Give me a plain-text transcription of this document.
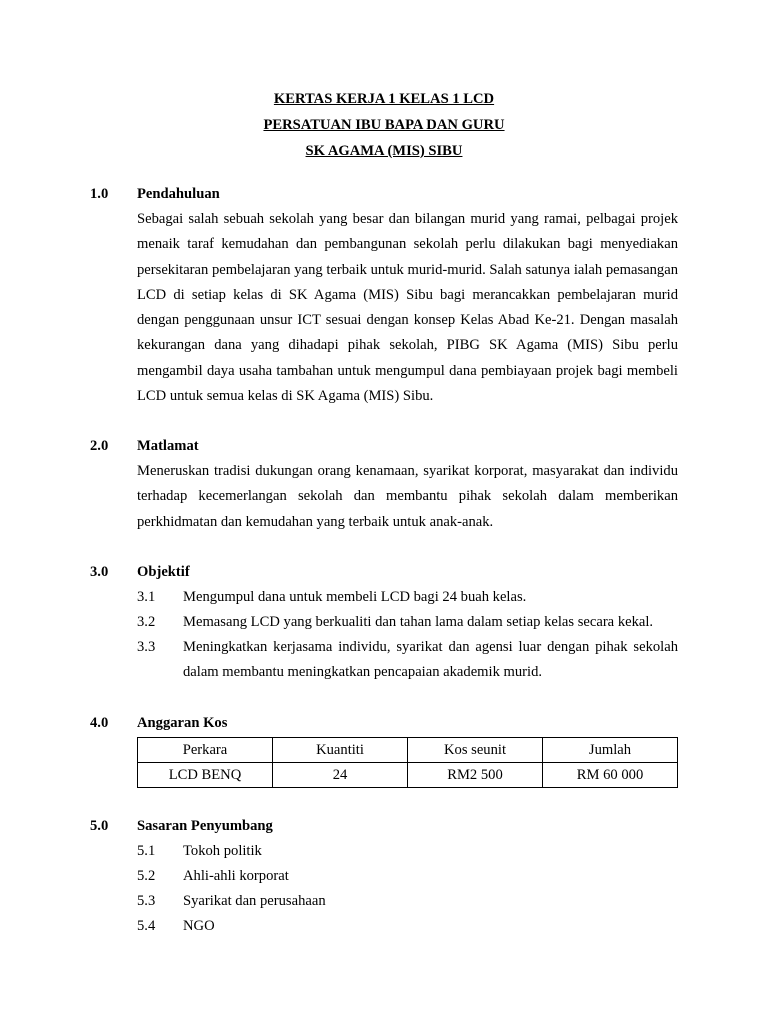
KERTAS KERJA 1 KELAS 1 LCD
PERSATUAN IBU BAPA DAN GURU
SK AGAMA (MIS) SIBU
1.0 Pendahuluan
Sebagai salah sebuah sekolah yang besar dan bilangan murid yang ramai, pelbagai projek menaik taraf kemudahan dan pembangunan sekolah perlu dilakukan bagi menyediakan persekitaran pembelajaran yang terbaik untuk murid-murid. Salah satunya ialah pemasangan LCD di setiap kelas di SK Agama (MIS) Sibu bagi merancakkan pembelajaran murid dengan penggunaan unsur ICT sesuai dengan konsep Kelas Abad Ke-21. Dengan masalah kekurangan dana yang dihadapi pihak sekolah, PIBG SK Agama (MIS) Sibu perlu mengambil daya usaha tambahan untuk mengumpul dana pembiayaan projek bagi membeli LCD untuk semua kelas di SK Agama (MIS) Sibu.
2.0 Matlamat
Meneruskan tradisi dukungan orang kenamaan, syarikat korporat, masyarakat dan individu terhadap kecemerlangan sekolah dan membantu pihak sekolah dalam memberikan perkhidmatan dan kemudahan yang terbaik untuk anak-anak.
3.0 Objektif
3.1 Mengumpul dana untuk membeli LCD bagi 24 buah kelas.
3.2 Memasang LCD yang berkualiti dan tahan lama dalam setiap kelas secara kekal.
3.3 Meningkatkan kerjasama individu, syarikat dan agensi luar dengan pihak sekolah dalam membantu meningkatkan pencapaian akademik murid.
4.0 Anggaran Kos
Perkara	Kuantiti	Kos seunit	Jumlah
LCD BENQ	24	RM2 500	RM 60 000
5.0 Sasaran Penyumbang
5.1 Tokoh politik
5.2 Ahli-ahli korporat
5.3 Syarikat dan perusahaan
5.4 NGO
